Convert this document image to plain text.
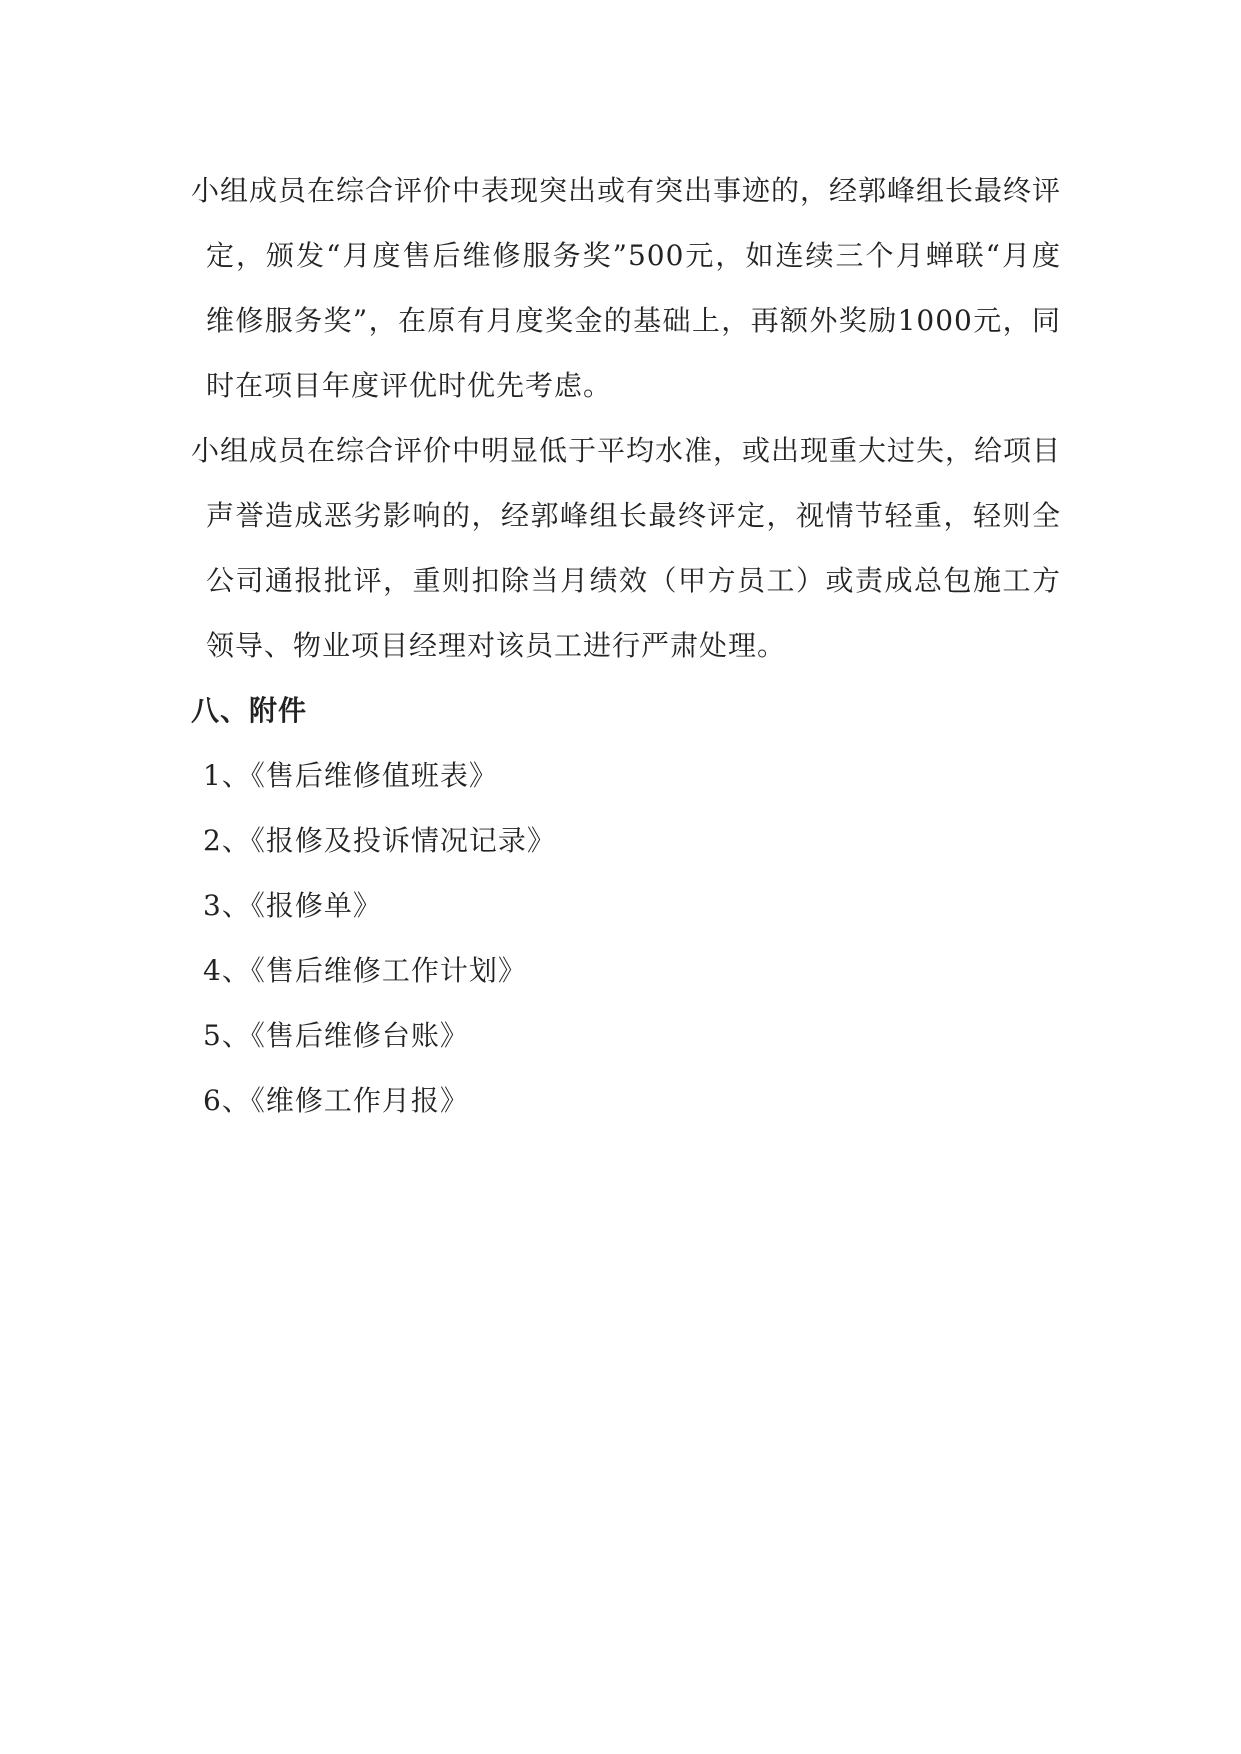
小组成员在综合评价中表现突出或有突出事迹的，经郭峰组长最终评定，颁发“月度售后维修服务奖”500元，如连续三个月蝉联“月度维修服务奖”，在原有月度奖金的基础上，再额外奖励1000元，同时在项目年度评优时优先考虑。

小组成员在综合评价中明显低于平均水准，或出现重大过失，给项目声誉造成恶劣影响的，经郭峰组长最终评定，视情节轻重，轻则全公司通报批评，重则扣除当月绩效（甲方员工）或责成总包施工方领导、物业项目经理对该员工进行严肃处理。

八、附件
1、《售后维修值班表》
2、《报修及投诉情况记录》
3、《报修单》
4、《售后维修工作计划》
5、《售后维修台账》
6、《维修工作月报》
